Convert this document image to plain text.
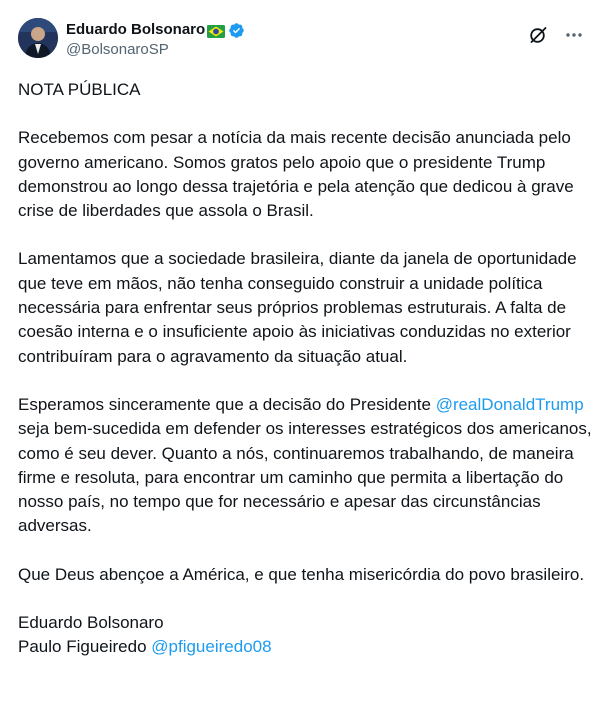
Eduardo Bolsonaro
@BolsonaroSP

NOTA PÚBLICA

Recebemos com pesar a notícia da mais recente decisão anunciada pelo governo americano. Somos gratos pelo apoio que o presidente Trump demonstrou ao longo dessa trajetória e pela atenção que dedicou à grave crise de liberdades que assola o Brasil.

Lamentamos que a sociedade brasileira, diante da janela de oportunidade que teve em mãos, não tenha conseguido construir a unidade política necessária para enfrentar seus próprios problemas estruturais. A falta de coesão interna e o insuficiente apoio às iniciativas conduzidas no exterior contribuíram para o agravamento da situação atual.

Esperamos sinceramente que a decisão do Presidente @realDonaldTrump seja bem-sucedida em defender os interesses estratégicos dos americanos, como é seu dever. Quanto a nós, continuaremos trabalhando, de maneira firme e resoluta, para encontrar um caminho que permita a libertação do nosso país, no tempo que for necessário e apesar das circunstâncias adversas.

Que Deus abençoe a América, e que tenha misericórdia do povo brasileiro.

Eduardo Bolsonaro

Paulo Figueiredo @pfigueiredo08
